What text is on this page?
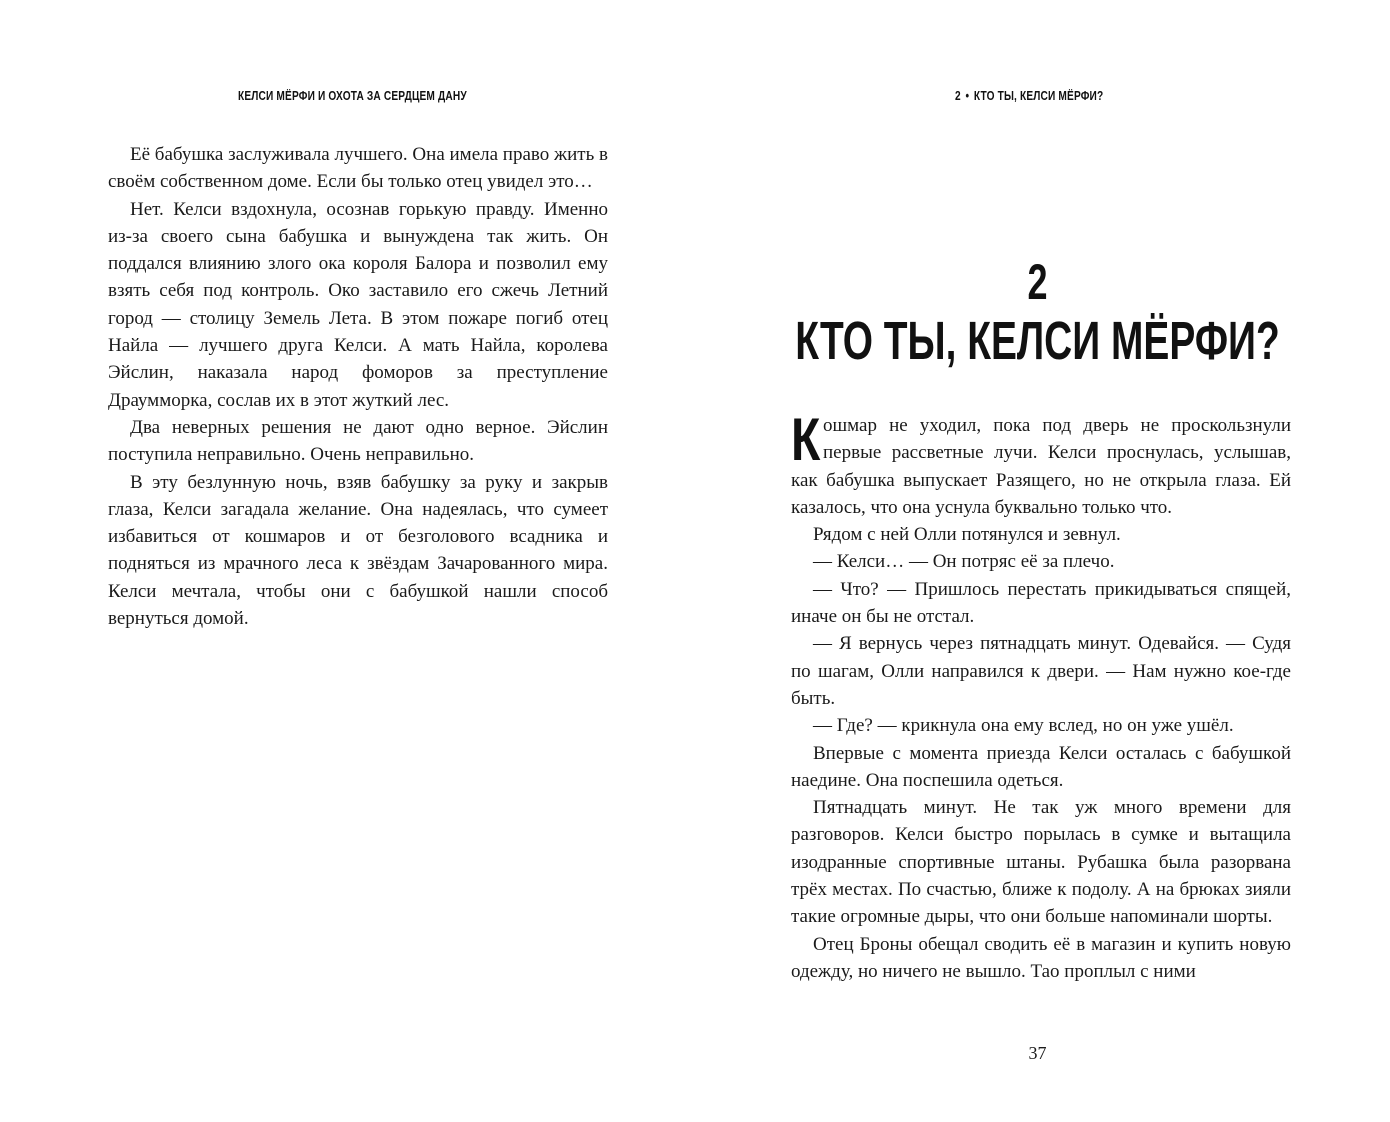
КЕЛСИ МЁРФИ И ОХОТА ЗА СЕРДЦЕМ ДАНУ

Её бабушка заслуживала лучшего. Она имела право жить в своём собственном доме. Если бы только отец увидел это…

Нет. Келси вздохнула, осознав горькую правду. Именно из-за своего сына бабушка и вынуждена так жить. Он поддался влиянию злого ока короля Балора и позволил ему взять себя под контроль. Око заставило его сжечь Летний город — столицу Земель Лета. В этом пожаре погиб отец Найла — лучшего друга Келси. А мать Найла, королева Эйслин, наказала народ фоморов за преступление Драумморка, сослав их в этот жуткий лес.

Два неверных решения не дают одно верное. Эйслин поступила неправильно. Очень неправильно.

В эту безлунную ночь, взяв бабушку за руку и закрыв глаза, Келси загадала желание. Она надеялась, что сумеет избавиться от кошмаров и от безголового всадника и подняться из мрачного леса к звёздам Зачарованного мира. Келси мечтала, чтобы они с бабушкой нашли способ вернуться домой.

2 • КТО ТЫ, КЕЛСИ МЁРФИ?
2
КТО ТЫ, КЕЛСИ МЁРФИ?

Кошмар не уходил, пока под дверь не проскользнули первые рассветные лучи. Келси проснулась, услышав, как бабушка выпускает Разящего, но не открыла глаза. Ей казалось, что она уснула буквально только что.

Рядом с ней Олли потянулся и зевнул.

— Келси… — Он потряс её за плечо.

— Что? — Пришлось перестать прикидываться спящей, иначе он бы не отстал.

— Я вернусь через пятнадцать минут. Одевайся. — Судя по шагам, Олли направился к двери. — Нам нужно кое-где быть.

— Где? — крикнула она ему вслед, но он уже ушёл.

Впервые с момента приезда Келси осталась с бабушкой наедине. Она поспешила одеться.

Пятнадцать минут. Не так уж много времени для разговоров. Келси быстро порылась в сумке и вытащила изодранные спортивные штаны. Рубашка была разорвана трёх местах. По счастью, ближе к подолу. А на брюках зияли такие огромные дыры, что они больше напоминали шорты.

Отец Броны обещал сводить её в магазин и купить новую одежду, но ничего не вышло. Тао проплыл с ними

37
